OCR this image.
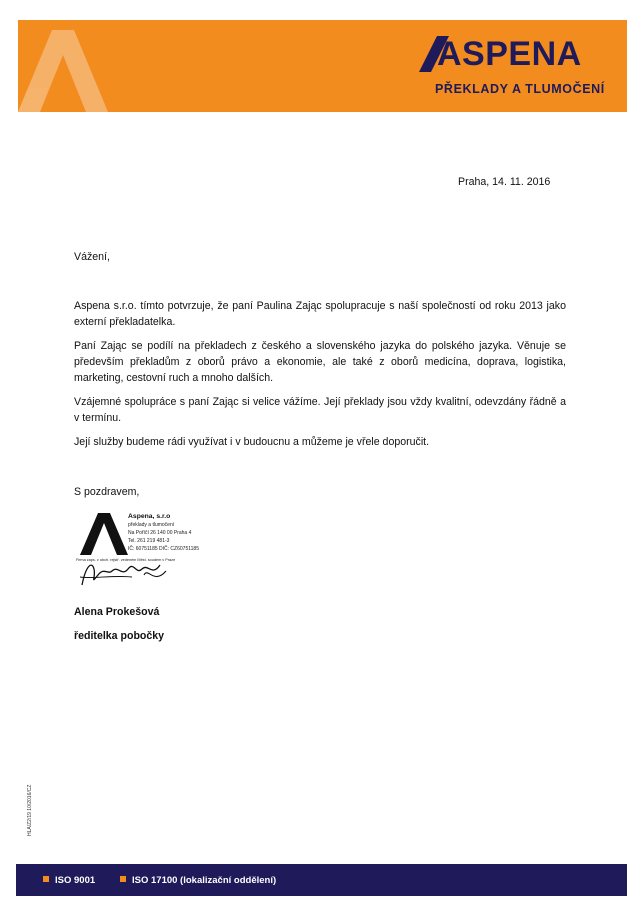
ASPENA
PŘEKLADY A TLUMOČENÍ
Praha, 14. 11. 2016
Vážení,
Aspena s.r.o. tímto potvrzuje, že paní Paulina Zając spolupracuje s naší společností od roku 2013 jako externí překladatelka.
Paní Zając se podílí na překladech z českého a slovenského jazyka do polského jazyka. Věnuje se především překladům z oborů právo a ekonomie, ale také z oborů medicína, doprava, logistika, marketing, cestovní ruch a mnoho dalších.
Vzájemné spolupráce s paní Zając si velice vážíme. Její překlady jsou vždy kvalitní, odevzdány řádně a v termínu.
Její služby budeme rádi využívat i v budoucnu a můžeme je vřele doporučit.
S pozdravem,
Aspena, s.r.o
překlady a tlumočení
Na Poříčí 26 140 00 Praha 4
Tel. 261 219 481-3
IČ: 60751185 DIČ: CZ60751185
Firma zaps. v obch. rejstř. vedeném Měst. soudem v Praze
Alena Prokešová
ředitelka pobočky
HLA/Z2/19 10/2016/CZ
ISO 9001	ISO 17100 (lokalizační oddělení)
